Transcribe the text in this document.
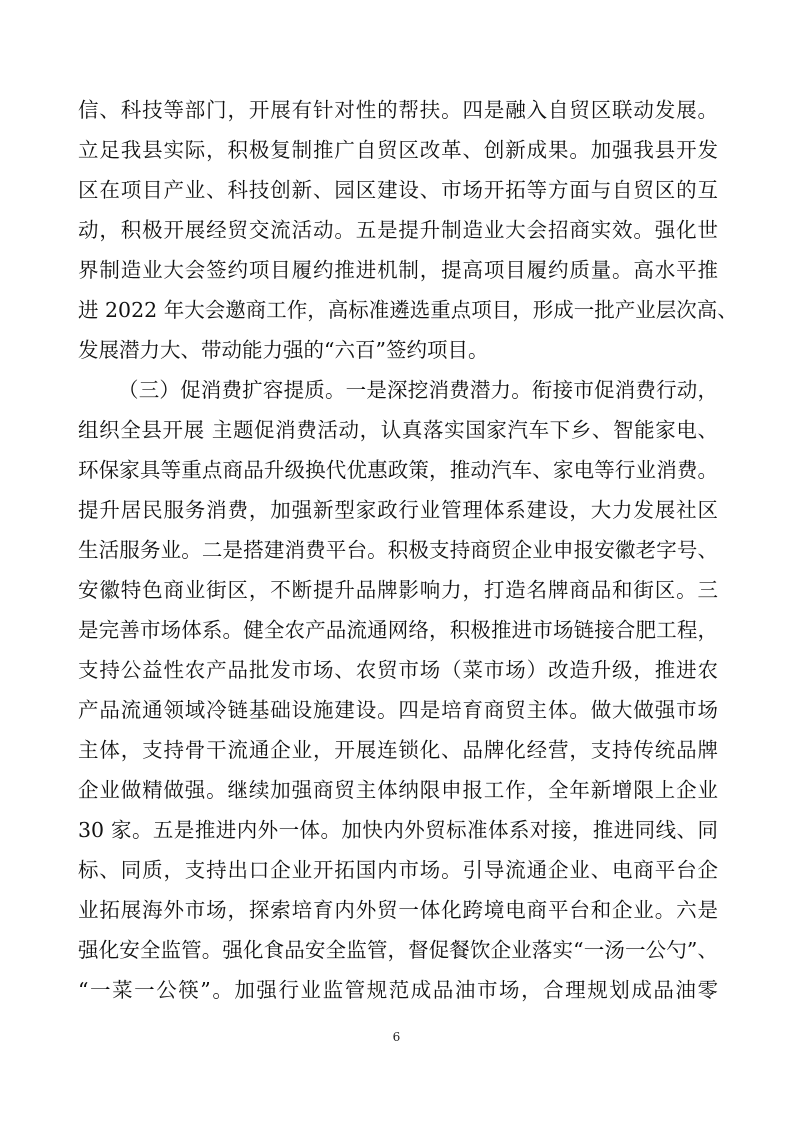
信、科技等部门，开展有针对性的帮扶。四是融入自贸区联动发展。
立足我县实际，积极复制推广自贸区改革、创新成果。加强我县开发
区在项目产业、科技创新、园区建设、市场开拓等方面与自贸区的互
动，积极开展经贸交流活动。五是提升制造业大会招商实效。强化世
界制造业大会签约项目履约推进机制，提高项目履约质量。高水平推
进 2022 年大会邀商工作，高标准遴选重点项目，形成一批产业层次高、
发展潜力大、带动能力强的“六百”签约项目。
（三）促消费扩容提质。一是深挖消费潜力。衔接市促消费行动，
组织全县开展 主题促消费活动，认真落实国家汽车下乡、智能家电、
环保家具等重点商品升级换代优惠政策，推动汽车、家电等行业消费。
提升居民服务消费，加强新型家政行业管理体系建设，大力发展社区
生活服务业。二是搭建消费平台。积极支持商贸企业申报安徽老字号、
安徽特色商业街区，不断提升品牌影响力，打造名牌商品和街区。三
是完善市场体系。健全农产品流通网络，积极推进市场链接合肥工程，
支持公益性农产品批发市场、农贸市场（菜市场）改造升级，推进农
产品流通领域冷链基础设施建设。四是培育商贸主体。做大做强市场
主体，支持骨干流通企业，开展连锁化、品牌化经营，支持传统品牌
企业做精做强。继续加强商贸主体纳限申报工作，全年新增限上企业
30 家。五是推进内外一体。加快内外贸标准体系对接，推进同线、同
标、同质，支持出口企业开拓国内市场。引导流通企业、电商平台企
业拓展海外市场，探索培育内外贸一体化跨境电商平台和企业。六是
强化安全监管。强化食品安全监管，督促餐饮企业落实“一汤一公勺”、
“一菜一公筷”。加强行业监管规范成品油市场，合理规划成品油零
6
